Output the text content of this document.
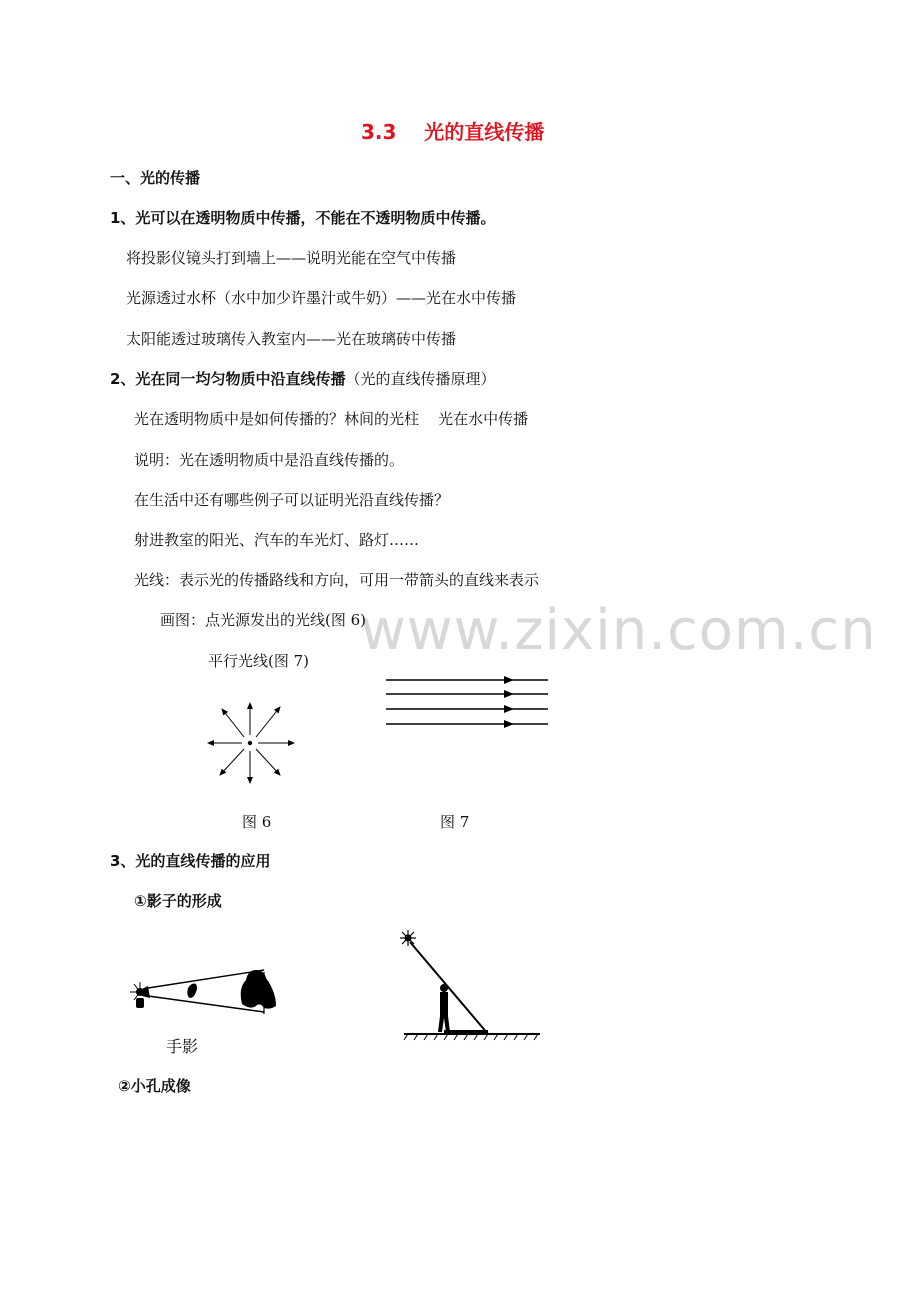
www.zixin.com.cn
3.3    光的直线传播
一、光的传播
1、光可以在透明物质中传播，不能在不透明物质中传播。
将投影仪镜头打到墙上——说明光能在空气中传播
光源透过水杯（水中加少许墨汁或牛奶）——光在水中传播
太阳能透过玻璃传入教室内——光在玻璃砖中传播
2、光在同一均匀物质中沿直线传播（光的直线传播原理）
光在透明物质中是如何传播的？林间的光柱    光在水中传播
说明：光在透明物质中是沿直线传播的。
在生活中还有哪些例子可以证明光沿直线传播？
射进教室的阳光、汽车的车光灯、路灯……
光线：表示光的传播路线和方向，可用一带箭头的直线来表示
画图：点光源发出的光线(图 6)
平行光线(图 7)
图 6	图 7
3、光的直线传播的应用
①影子的形成
手影
②小孔成像
